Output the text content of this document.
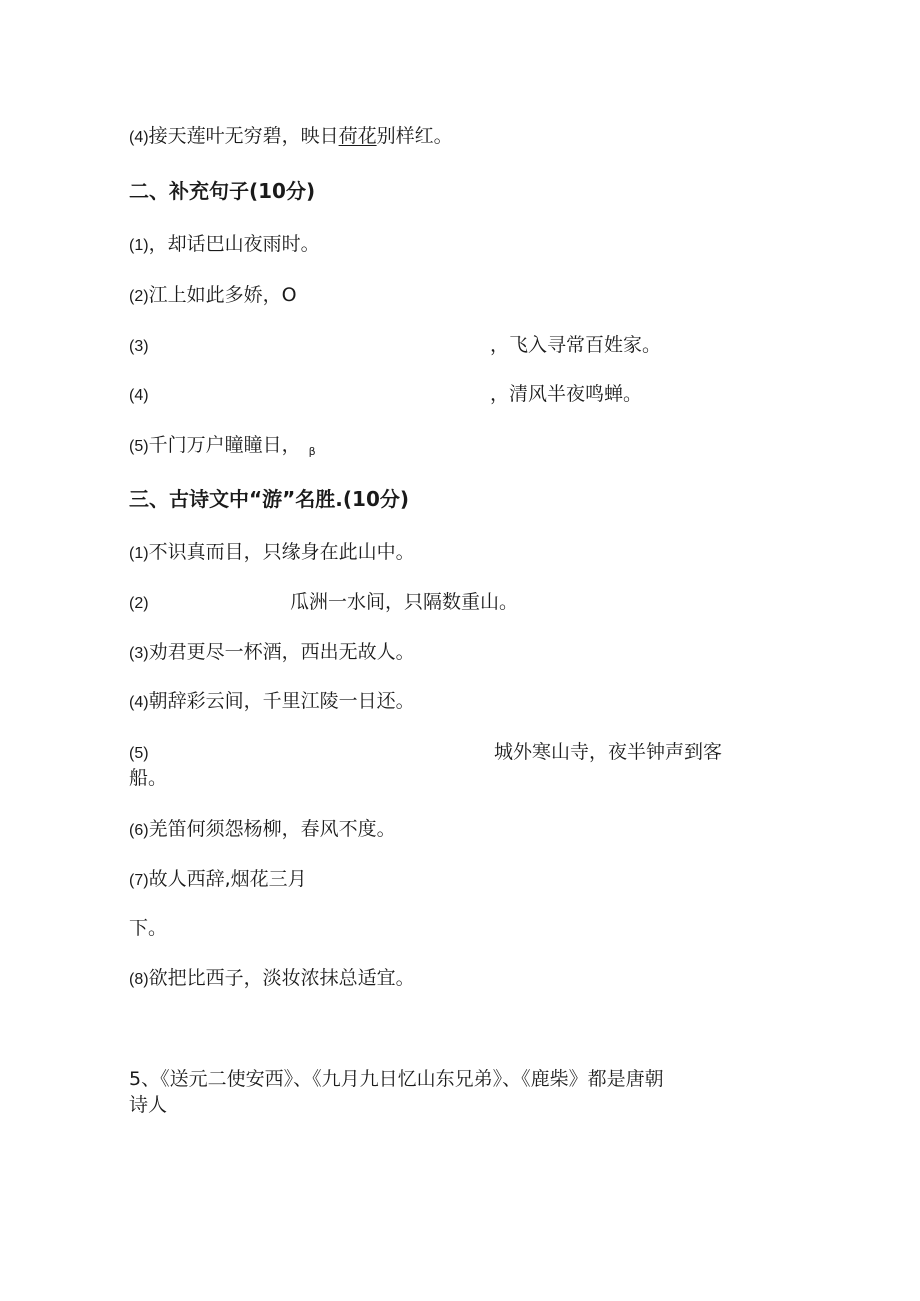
(4)接天莲叶无穷碧，映日荷花别样红。
二、补充句子(10分)
(1)，却话巴山夜雨时。
(2)江上如此多娇，O
(3)	，飞入寻常百姓家。
(4)	，清风半夜鸣蝉。
(5)千门万户瞳瞳日， $_\beta$
三、古诗文中“游”名胜.(10分)
(1)不识真而目，只缘身在此山中。
(2)	瓜洲一水间，只隔数重山。
(3)劝君更尽一杯酒，西出无故人。
(4)朝辞彩云间，千里江陵一日还。
(5)	城外寒山寺，夜半钟声到客
船。
(6)羌笛何须怨杨柳，春风不度。
(7)故人西辞,烟花三月
下。
(8)欲把比西子，淡妆浓抹总适宜。
5、《送元二使安西》、《九月九日忆山东兄弟》、《鹿柴》都是唐朝
诗人
